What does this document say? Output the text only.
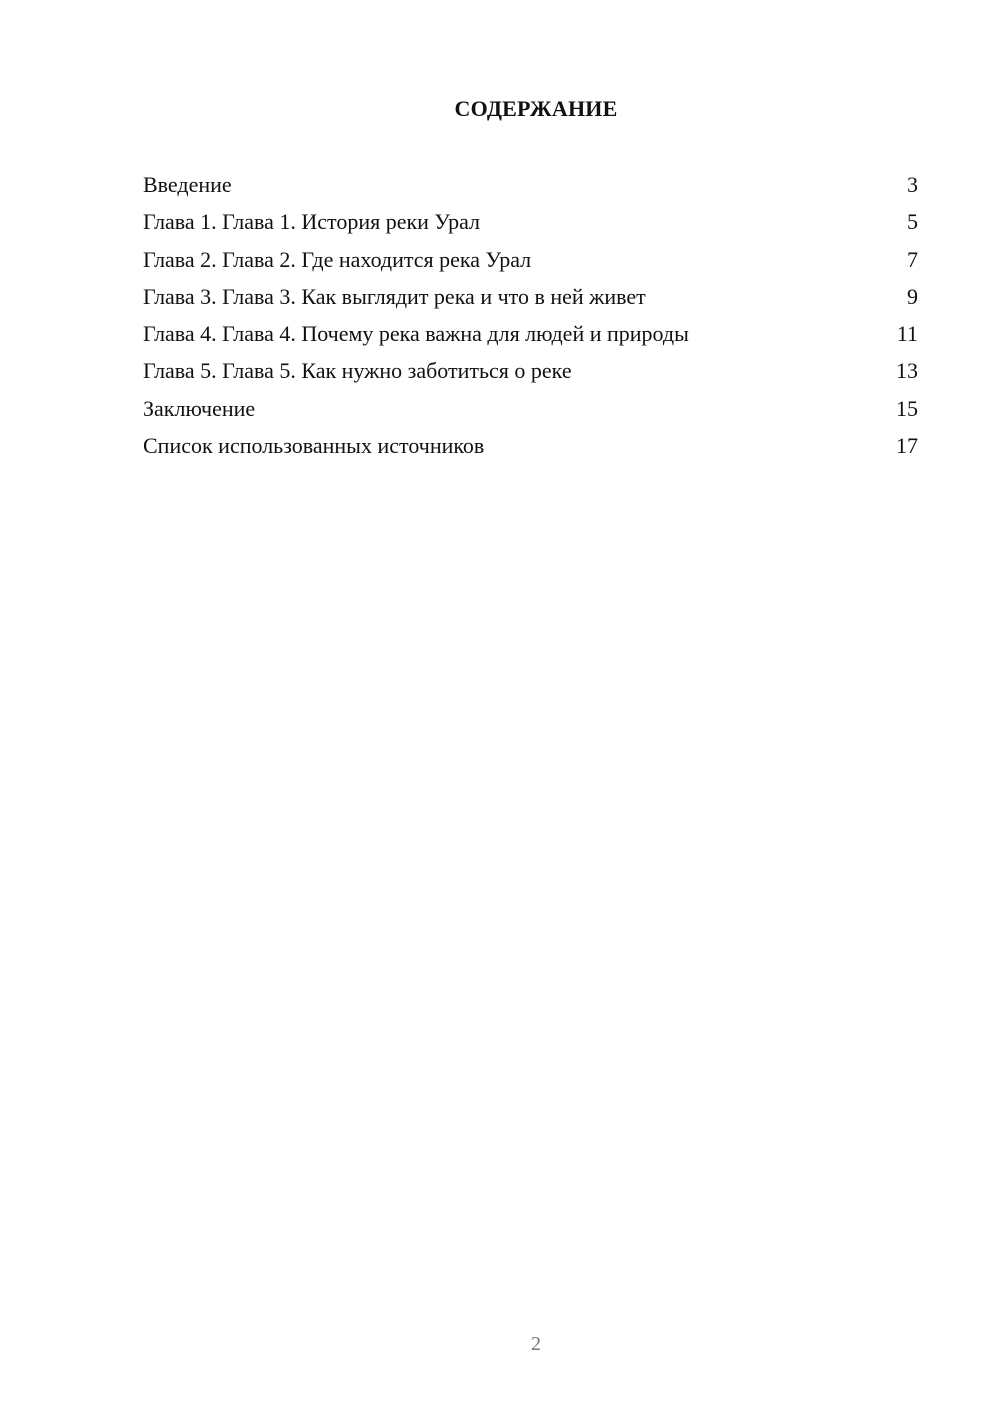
СОДЕРЖАНИЕ
Введение	3
Глава 1. Глава 1. История реки Урал	5
Глава 2. Глава 2. Где находится река Урал	7
Глава 3. Глава 3. Как выглядит река и что в ней живет	9
Глава 4. Глава 4. Почему река важна для людей и природы	11
Глава 5. Глава 5. Как нужно заботиться о реке	13
Заключение	15
Список использованных источников	17
2
